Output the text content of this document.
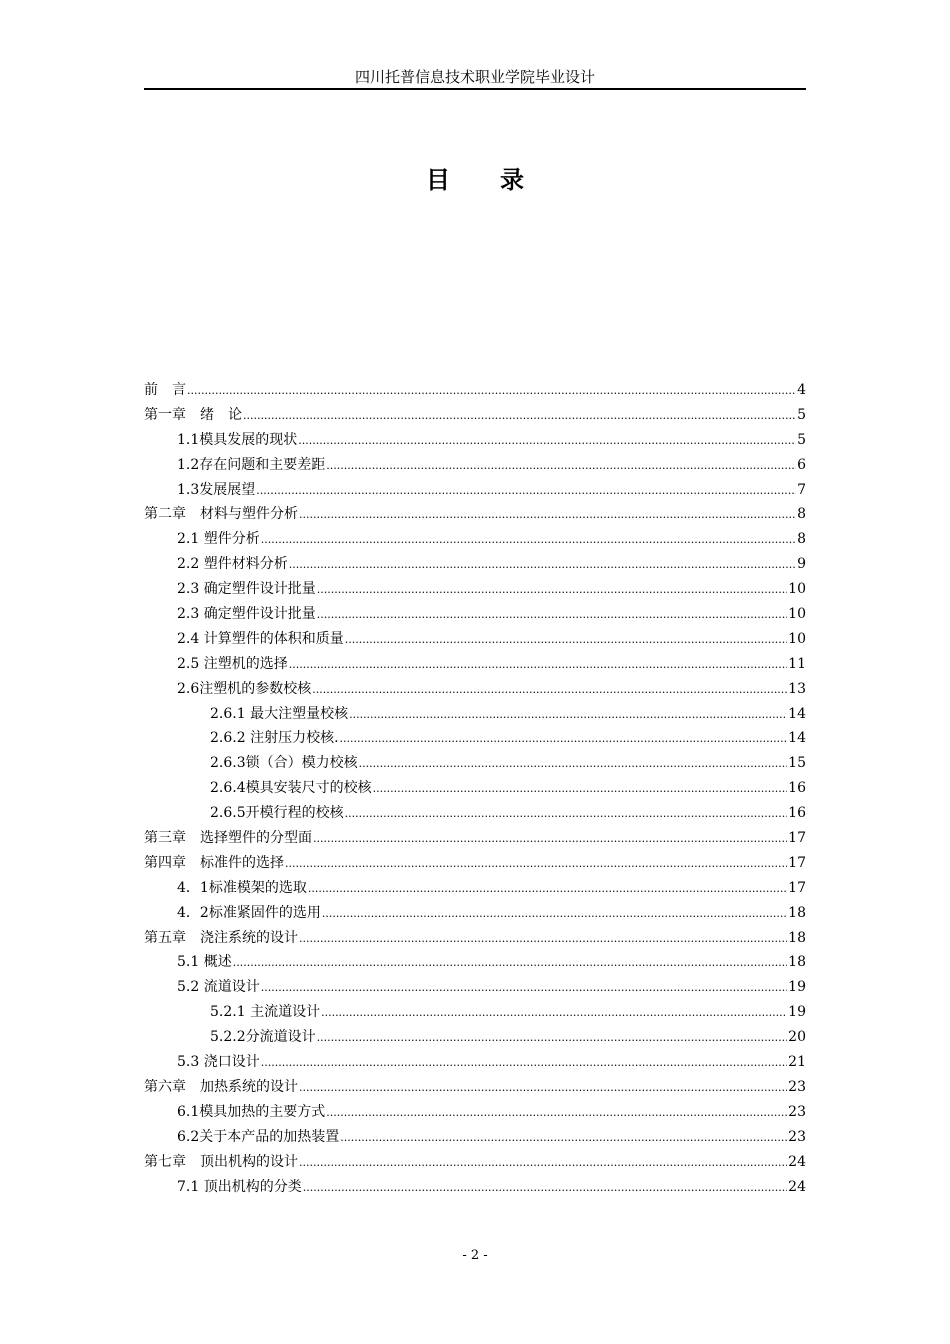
四川托普信息技术职业学院毕业设计
目录
前　言 .....	4
第一章　绪　论 .....	5
1.1模具发展的现状 .....	5
1.2存在问题和主要差距 .....	6
1.3发展展望 .....	7
第二章　材料与塑件分析 .....	8
2.1 塑件分析 .....	8
2.2 塑件材料分析 .....	9
2.3 确定塑件设计批量 .....	10
2.3 确定塑件设计批量 .....	10
2.4 计算塑件的体积和质量 .....	10
2.5 注塑机的选择 .....	11
2.6注塑机的参数校核 .....	13
2.6.1 最大注塑量校核 .....	14
2.6.2 注射压力校核. .....	14
2.6.3锁（合）模力校核 .....	15
2.6.4模具安装尺寸的校核 .....	16
2.6.5开模行程的校核 .....	16
第三章　选择塑件的分型面 .....	17
第四章　标准件的选择 .....	17
4．1标准模架的选取 .....	17
4．2标准紧固件的选用 .....	18
第五章　浇注系统的设计 .....	18
5.1 概述 .....	18
5.2 流道设计 .....	19
5.2.1 主流道设计 .....	19
5.2.2分流道设计 .....	20
5.3 浇口设计 .....	21
第六章　加热系统的设计 .....	23
6.1模具加热的主要方式 .....	23
6.2关于本产品的加热装置 .....	23
第七章　顶出机构的设计 .....	24
7.1 顶出机构的分类 .....	24
- 2 -
